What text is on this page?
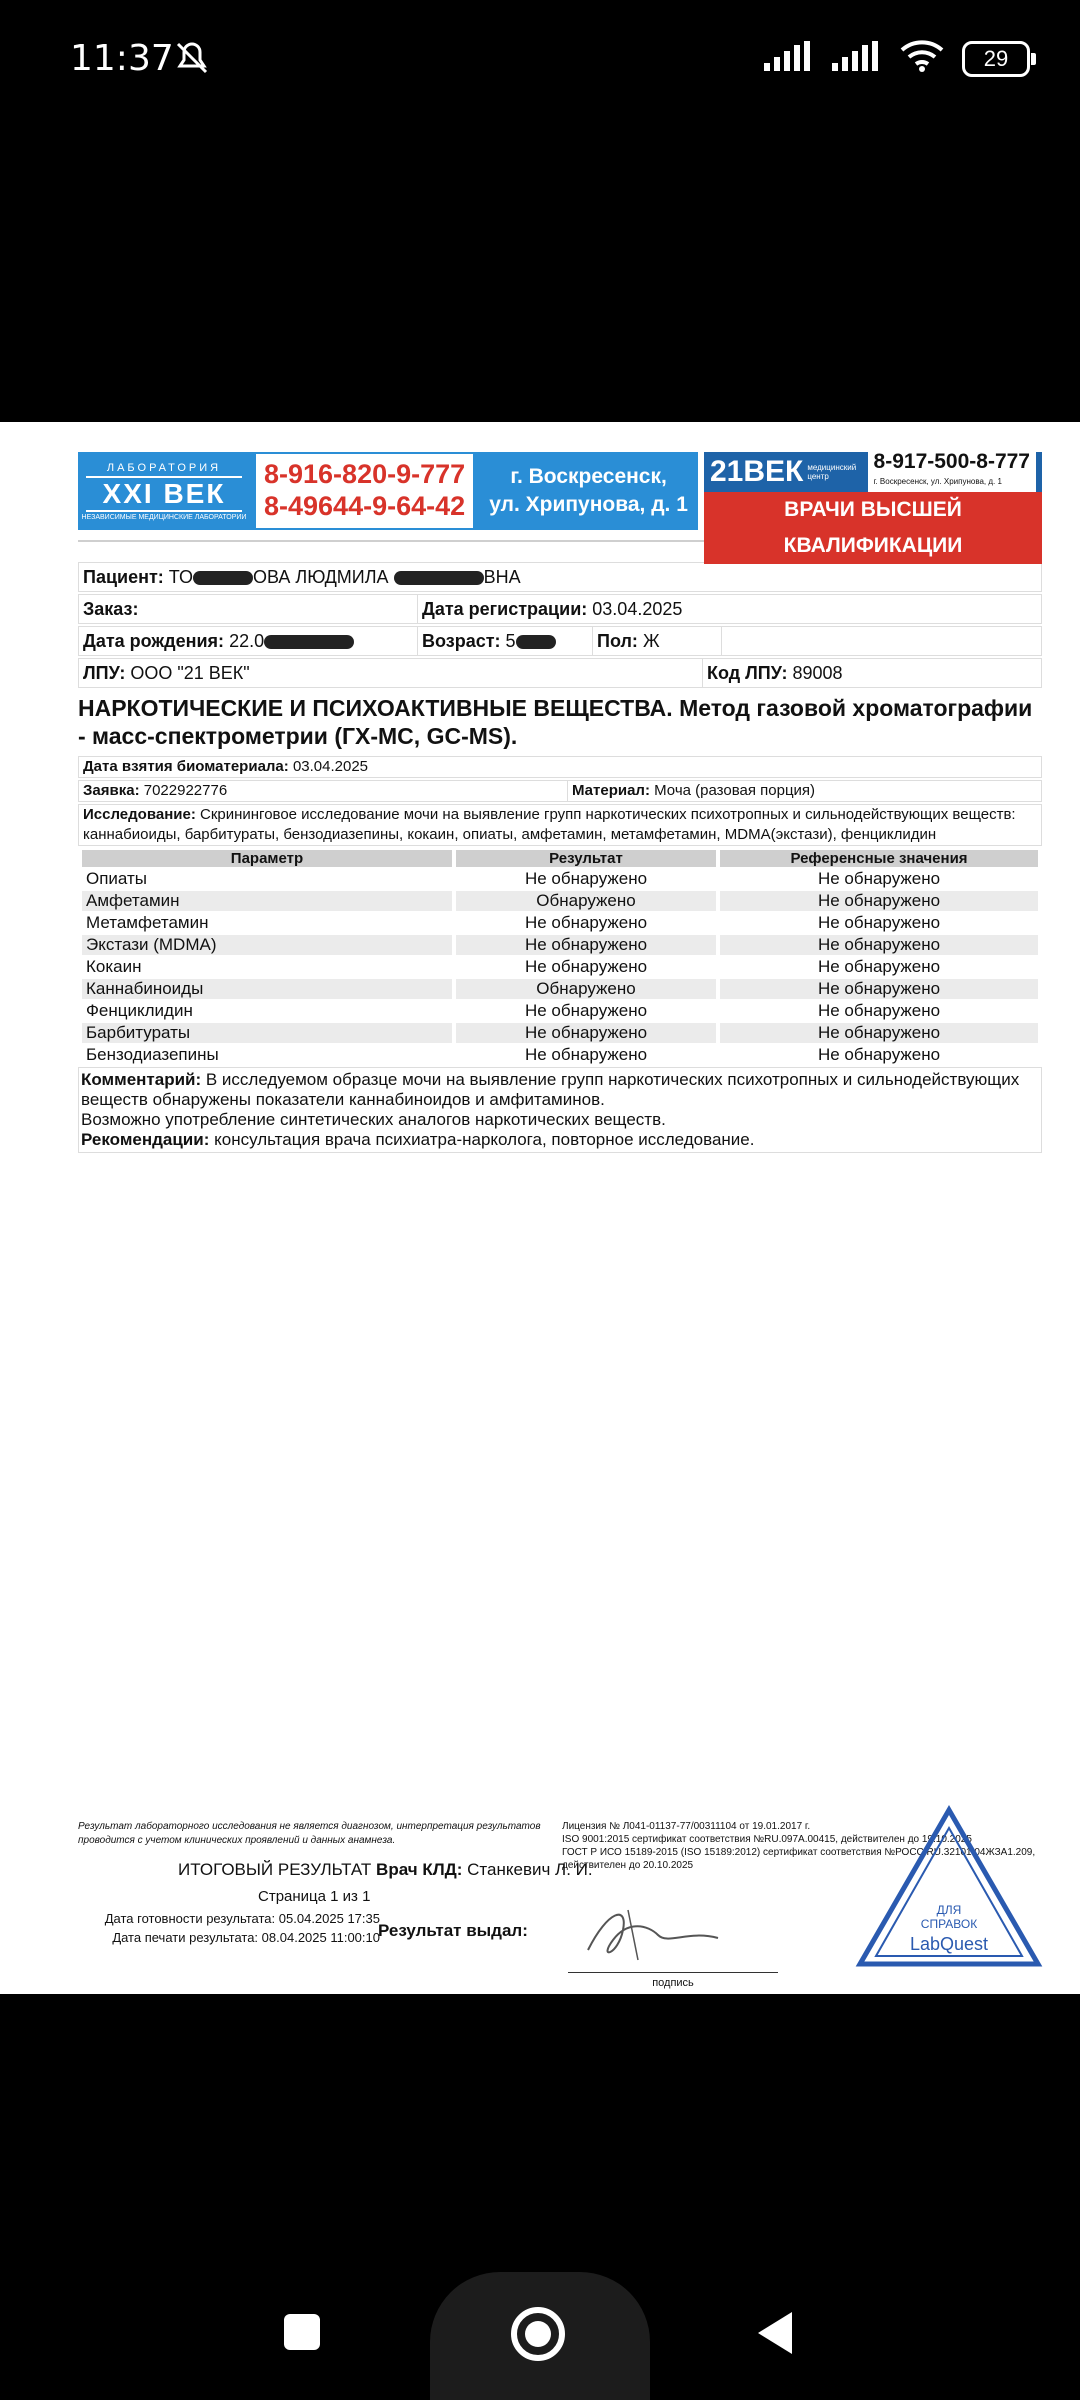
11:37	29
ЛАБОРАТОРИЯ
XXI ВЕК
НЕЗАВИСИМЫЕ МЕДИЦИНСКИЕ ЛАБОРАТОРИИ
8-916-820-9-777
8-49644-9-64-42
г. Воскресенск,
ул. Хрипунова, д. 1
21ВЕК медицинский центр
8-917-500-8-777
г. Воскресенск, ул. Хрипунова, д. 1
ВРАЧИ ВЫСШЕЙ КВАЛИФИКАЦИИ
Пациент: ТО	ОВА ЛЮДМИЛА	ВНА
Заказ:	Дата регистрации: 03.04.2025
Дата рождения: 22.0	Возраст: 5	Пол: Ж
ЛПУ: ООО "21 ВЕК"	Код ЛПУ: 89008
НАРКОТИЧЕСКИЕ И ПСИХОАКТИВНЫЕ ВЕЩЕСТВА. Метод газовой хроматографии - масс-спектрометрии (ГХ-МС, GC-MS).
Дата взятия биоматериала: 03.04.2025
Заявка: 7022922776	Материал: Моча (разовая порция)
Исследование: Скрининговое исследование мочи на выявление групп наркотических психотропных и сильнодействующих веществ: каннабиоиды, барбитураты, бензодиазепины, кокаин, опиаты, амфетамин, метамфетамин, MDMA(экстази), фенциклидин
Параметр	Результат	Референсные значения
Опиаты	Не обнаружено	Не обнаружено
Амфетамин	Обнаружено	Не обнаружено
Метамфетамин	Не обнаружено	Не обнаружено
Экстази (MDMA)	Не обнаружено	Не обнаружено
Кокаин	Не обнаружено	Не обнаружено
Каннабиноиды	Обнаружено	Не обнаружено
Фенциклидин	Не обнаружено	Не обнаружено
Барбитураты	Не обнаружено	Не обнаружено
Бензодиазепины	Не обнаружено	Не обнаружено
Комментарий: В исследуемом образце мочи на выявление групп наркотических психотропных и сильнодействующих веществ обнаружены показатели каннабиноидов и амфитаминов.
Возможно употребление синтетических аналогов наркотических веществ.
Рекомендации: консультация врача психиатра-нарколога, повторное исследование.
Результат лабораторного исследования не является диагнозом, интерпретация результатов проводится с учетом клинических проявлений и данных анамнеза.
Лицензия № Л041-01137-77/00311104 от 19.01.2017 г.
ISO 9001:2015 сертификат соответствия №RU.097A.00415, действителен до 19.10.2025
ГОСТ Р ИСО 15189-2015 (ISO 15189:2012) сертификат соответствия №РОСС RU.32101.04ЖЗА1.209, действителен до 20.10.2025
ИТОГОВЫЙ РЕЗУЛЬТАТ Врач КЛД: Станкевич Л. И.
Страница 1 из 1
Дата готовности результата: 05.04.2025 17:35
Дата печати результата: 08.04.2025 11:00:10
Результат выдал:
подпись
ДЛЯ
СПРАВОК
LabQuest
